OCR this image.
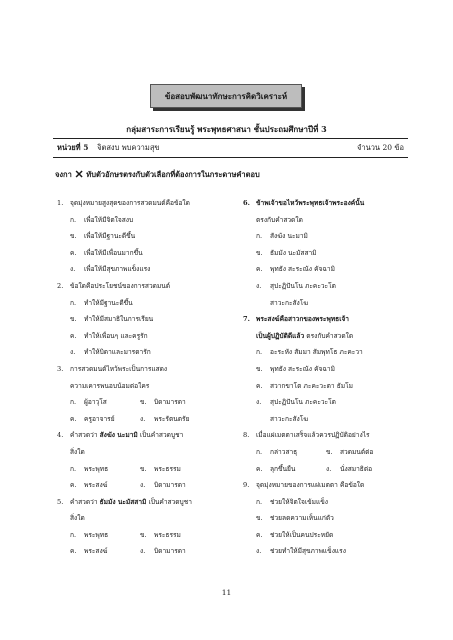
ข้อสอบพัฒนาทักษะการคิดวิเคราะห์
กลุ่มสาระการเรียนรู้ พระพุทธศาสนา ชั้นประถมศึกษาปีที่ 3
หน่วยที่ 5 จิตสงบ พบความสุข	จำนวน 20 ข้อ
จงกา ✕ ทับตัวอักษรตรงกับตัวเลือกที่ต้องการในกระดาษคำตอบ
1.	จุดมุ่งหมายสูงสุดของการสวดมนต์คือข้อใด
ก.	เพื่อให้มีจิตใจสงบ
ข.	เพื่อให้มีฐานะดีขึ้น
ค.	เพื่อให้มีเพื่อนมากขึ้น
ง.	เพื่อให้มีสุขภาพแข็งแรง
2.	ข้อใดคือประโยชน์ของการสวดมนต์
ก.	ทำให้มีฐานะดีขึ้น
ข.	ทำให้มีสมาธิในการเรียน
ค.	ทำให้เพื่อนๆ และครูรัก
ง.	ทำให้บิดาและมารดารัก
3.	การสวดมนต์ไหว้พระเป็นการแสดง
ความเคารพนอบน้อมต่อใคร
ก.	ผู้อาวุโส	ข.	บิดามารดา
ค.	ครูอาจารย์	ง.	พระรัตนตรัย
4.	คำสวดว่า สังฆัง นะมามิ เป็นคำสวดบูชา
สิ่งใด
ก.	พระพุทธ	ข.	พระธรรม
ค.	พระสงฆ์	ง.	บิดามารดา
5.	คำสวดว่า ธัมมัง นะมัสสามิ เป็นคำสวดบูชา
สิ่งใด
ก.	พระพุทธ	ข.	พระธรรม
ค.	พระสงฆ์	ง.	บิดามารดา
6. ข้าพเจ้าขอไหว้พระพุทธเจ้าพระองค์นั้น
ตรงกับคำสวดใด
ก.	สังฆัง นะมามิ
ข.	ธัมมัง นะมัสสามิ
ค.	พุทธัง สะระณัง คัจฉามิ
ง.	สุปะฏิปันโน ภะคะวะโต
สาวะกะสังโฆ
7. พระสงฆ์คือสาวกของพระพุทธเจ้า
เป็นผู้ปฏิบัติดีแล้ว ตรงกับคำสวดใด
ก.	อะระหัง สัมมา สัมพุทโธ ภะคะวา
ข.	พุทธัง สะระณัง คัจฉามิ
ค.	สวากขาโต ภะคะวะตา ธัมโม
ง.	สุปะฏิปันโน ภะคะวะโต
สาวะกะสังโฆ
8.	เมื่อแผ่เมตตาเสร็จแล้วควรปฏิบัติอย่างไร
ก.	กล่าวสาธุ	ข.	สวดมนต์ต่อ
ค.	ลุกขึ้นยืน	ง.	นั่งสมาธิต่อ
9.	จุดมุ่งหมายของการแผ่เมตตา คือข้อใด
ก.	ช่วยให้จิตใจเข้มแข็ง
ข.	ช่วยลดความเห็นแก่ตัว
ค.	ช่วยให้เป็นคนประหยัด
ง.	ช่วยทำให้มีสุขภาพแข็งแรง
11
